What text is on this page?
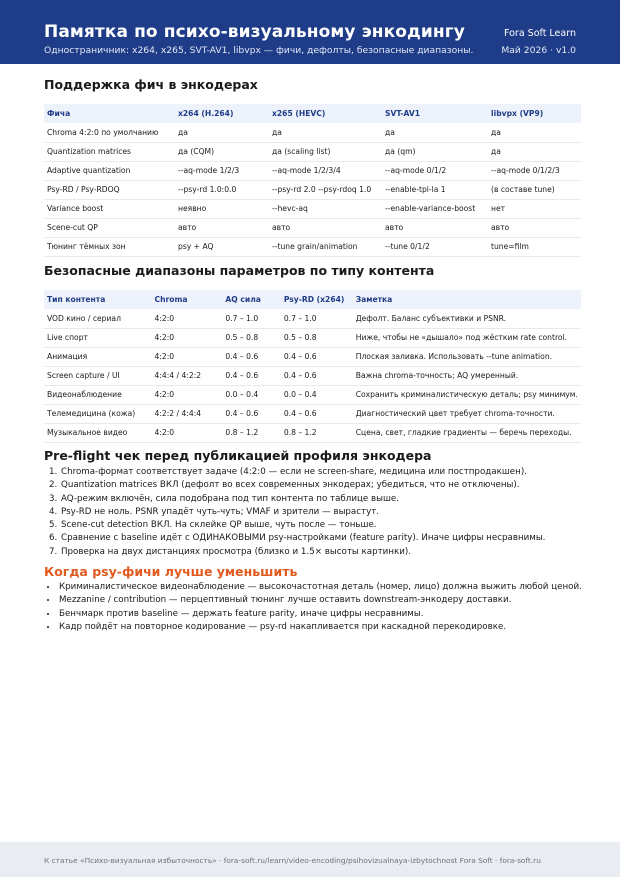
Памятка по психо-визуальному энкодингу
Одностраничник: x264, x265, SVT-AV1, libvpx — фичи, дефолты, безопасные диапазоны.
Fora Soft Learn
Май 2026 · v1.0
Поддержка фич в энкодерах
Фича	x264 (H.264)	x265 (HEVC)	SVT-AV1	libvpx (VP9)
Chroma 4:2:0 по умолчанию	да	да	да	да
Quantization matrices	да (CQM)	да (scaling list)	да (qm)	да
Adaptive quantization	--aq-mode 1/2/3	--aq-mode 1/2/3/4	--aq-mode 0/1/2	--aq-mode 0/1/2/3
Psy-RD / Psy-RDOQ	--psy-rd 1.0:0.0	--psy-rd 2.0 --psy-rdoq 1.0	--enable-tpl-la 1	(в составе tune)
Variance boost	неявно	--hevc-aq	--enable-variance-boost	нет
Scene-cut QP	авто	авто	авто	авто
Тюнинг тёмных зон	psy + AQ	--tune grain/animation	--tune 0/1/2	tune=film
Безопасные диапазоны параметров по типу контента
Тип контента	Chroma	AQ сила	Psy-RD (x264)	Заметка
VOD кино / сериал	4:2:0	0.7 – 1.0	0.7 – 1.0	Дефолт. Баланс субъективки и PSNR.
Live спорт	4:2:0	0.5 – 0.8	0.5 – 0.8	Ниже, чтобы не «дышало» под жёстким rate control.
Анимация	4:2:0	0.4 – 0.6	0.4 – 0.6	Плоская заливка. Использовать --tune animation.
Screen capture / UI	4:4:4 / 4:2:2	0.4 – 0.6	0.4 – 0.6	Важна chroma-точность; AQ умеренный.
Видеонаблюдение	4:2:0	0.0 – 0.4	0.0 – 0.4	Сохранить криминалистическую деталь; psy минимум.
Телемедицина (кожа)	4:2:2 / 4:4:4	0.4 – 0.6	0.4 – 0.6	Диагностический цвет требует chroma-точности.
Музыкальное видео	4:2:0	0.8 – 1.2	0.8 – 1.2	Сцена, свет, гладкие градиенты — беречь переходы.
Pre-flight чек перед публикацией профиля энкодера
1. Chroma-формат соответствует задаче (4:2:0 — если не screen-share, медицина или постпродакшен).
2. Quantization matrices ВКЛ (дефолт во всех современных энкодерах; убедиться, что не отключены).
3. AQ-режим включён, сила подобрана под тип контента по таблице выше.
4. Psy-RD не ноль. PSNR упадёт чуть-чуть; VMAF и зрители — вырастут.
5. Scene-cut detection ВКЛ. На склейке QP выше, чуть после — тоньше.
6. Сравнение с baseline идёт с ОДИНАКОВЫМИ psy-настройками (feature parity). Иначе цифры несравнимы.
7. Проверка на двух дистанциях просмотра (близко и 1.5× высоты картинки).
Когда psy-фичи лучше уменьшить
• Криминалистическое видеонаблюдение — высокочастотная деталь (номер, лицо) должна выжить любой ценой.
• Mezzanine / contribution — перцептивный тюнинг лучше оставить downstream-энкодеру доставки.
• Бенчмарк против baseline — держать feature parity, иначе цифры несравнимы.
• Кадр пойдёт на повторное кодирование — psy-rd накапливается при каскадной перекодировке.
К статье «Психо-визуальная избыточность» · fora-soft.ru/learn/video-encoding/psihovizualnaya-izbytochnost Fora Soft · fora-soft.ru
